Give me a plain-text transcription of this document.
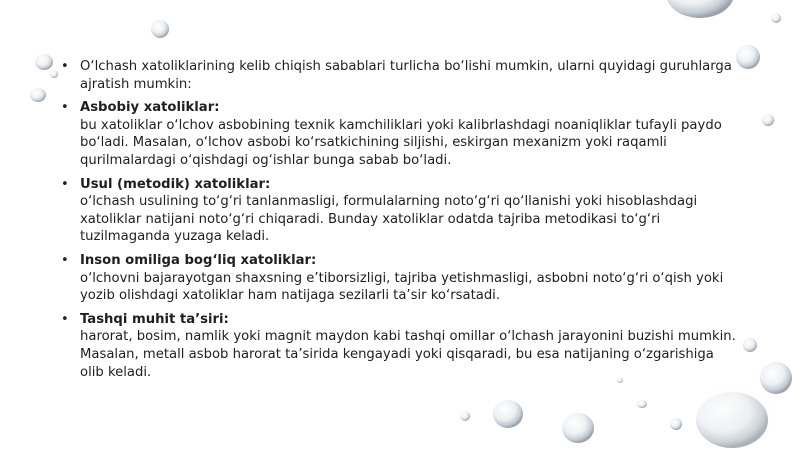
• O‘lchash xatoliklarining kelib chiqish sabablari turlicha bo‘lishi mumkin, ularni quyidagi guruhlarga ajratish mumkin:
• Asbobiy xatoliklar:
bu xatoliklar o‘lchov asbobining texnik kamchiliklari yoki kalibrlashdagi noaniqliklar tufayli paydo bo‘ladi. Masalan, o‘lchov asbobi ko‘rsatkichining siljishi, eskirgan mexanizm yoki raqamli qurilmalardagi o‘qishdagi og‘ishlar bunga sabab bo‘ladi.
• Usul (metodik) xatoliklar:
o‘lchash usulining to‘g‘ri tanlanmasligi, formulalarning noto‘g‘ri qo‘llanishi yoki hisoblashdagi xatoliklar natijani noto‘g‘ri chiqaradi. Bunday xatoliklar odatda tajriba metodikasi to‘g‘ri tuzilmaganda yuzaga keladi.
• Inson omiliga bog‘liq xatoliklar:
o‘lchovni bajarayotgan shaxsning e’tiborsizligi, tajriba yetishmasligi, asbobni noto‘g‘ri o‘qish yoki yozib olishdagi xatoliklar ham natijaga sezilarli ta’sir ko‘rsatadi.
• Tashqi muhit ta’siri:
harorat, bosim, namlik yoki magnit maydon kabi tashqi omillar o‘lchash jarayonini buzishi mumkin. Masalan, metall asbob harorat ta’sirida kengayadi yoki qisqaradi, bu esa natijaning o‘zgarishiga olib keladi.
